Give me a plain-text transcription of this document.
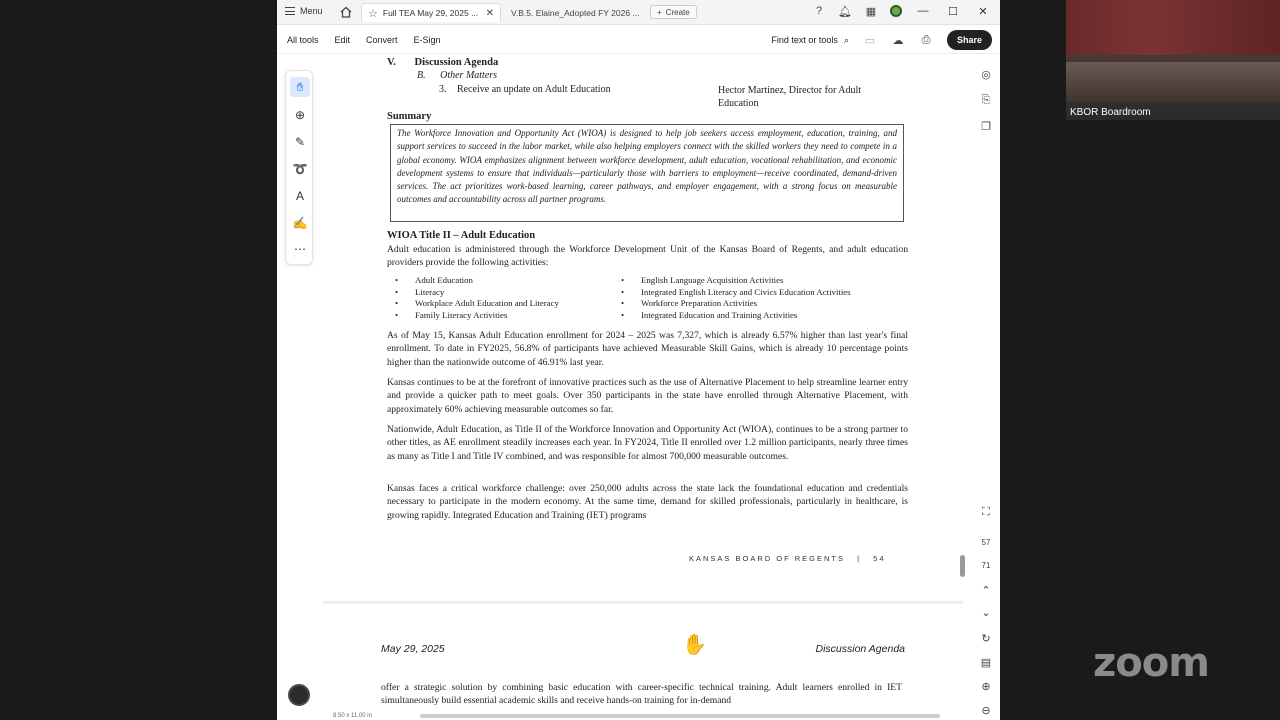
Menu	☆ Full TEA May 29, 2025 ... ✕ V.B.5. Elaine_Adopted FY 2026 ... + Create	?	🔔︎ ▦	—	☐	✕
All tools Edit Convert E-Sign	Find text or tools ⌕ ▭ ☁ ⎙	Share
✋︎
⊕
✎
➰
A
✍
⋯
V. Discussion Agenda
B. Other Matters
3. Receive an update on Adult Education	Hector Martinez, Director for Adult Education
Summary
The Workforce Innovation and Opportunity Act (WIOA) is designed to help job seekers access employment, education, training, and support services to succeed in the labor market, while also helping employers connect with the skilled workers they need to compete in a global economy. WIOA emphasizes alignment between workforce development, adult education, vocational rehabilitation, and economic development systems to ensure that individuals—particularly those with barriers to employment—receive coordinated, demand-driven services. The act prioritizes work-based learning, career pathways, and employer engagement, with a strong focus on measurable outcomes and accountability across all partner programs.
WIOA Title II – Adult Education
Adult education is administered through the Workforce Development Unit of the Kansas Board of Regents, and adult education providers provide the following activities:
• Adult Education
• Literacy
• Workplace Adult Education and Literacy
• Family Literacy Activities
• English Language Acquisition Activities
• Integrated English Literacy and Civics Education Activities
• Workforce Preparation Activities
• Integrated Education and Training Activities
As of May 15, Kansas Adult Education enrollment for 2024 – 2025 was 7,327, which is already 6.57% higher than last year's final enrollment. To date in FY2025, 56.8% of participants have achieved Measurable Skill Gains, which is already 10 percentage points higher than the nationwide outcome of 46.91% last year.
Kansas continues to be at the forefront of innovative practices such as the use of Alternative Placement to help streamline learner entry and provide a quicker path to meet goals. Over 350 participants in the state have enrolled through Alternative Placement, with approximately 60% achieving measurable outcomes so far.
Nationwide, Adult Education, as Title II of the Workforce Innovation and Opportunity Act (WIOA), continues to be a strong partner to other titles, as AE enrollment steadily increases each year. In FY2024, Title II enrolled over 1.2 million participants, nearly three times as many as Title I and Title IV combined, and was responsible for almost 700,000 measurable outcomes.
Kansas faces a critical workforce challenge: over 250,000 adults across the state lack the foundational education and credentials necessary to participate in the modern economy. At the same time, demand for skilled professionals, particularly in healthcare, is growing rapidly. Integrated Education and Training (IET) programs
KANSAS BOARD OF REGENTS | 54
May 29, 2025	Discussion Agenda
offer a strategic solution by combining basic education with career-specific technical training. Adult learners enrolled in IET simultaneously build essential academic skills and receive hands-on training for in-demand
◎
⎘
❐
⛶
57
71
⌃
⌄
↻
▤
⊕
⊖
8.50 x 11.00 in
✋
KBOR Boardroom
zoom
